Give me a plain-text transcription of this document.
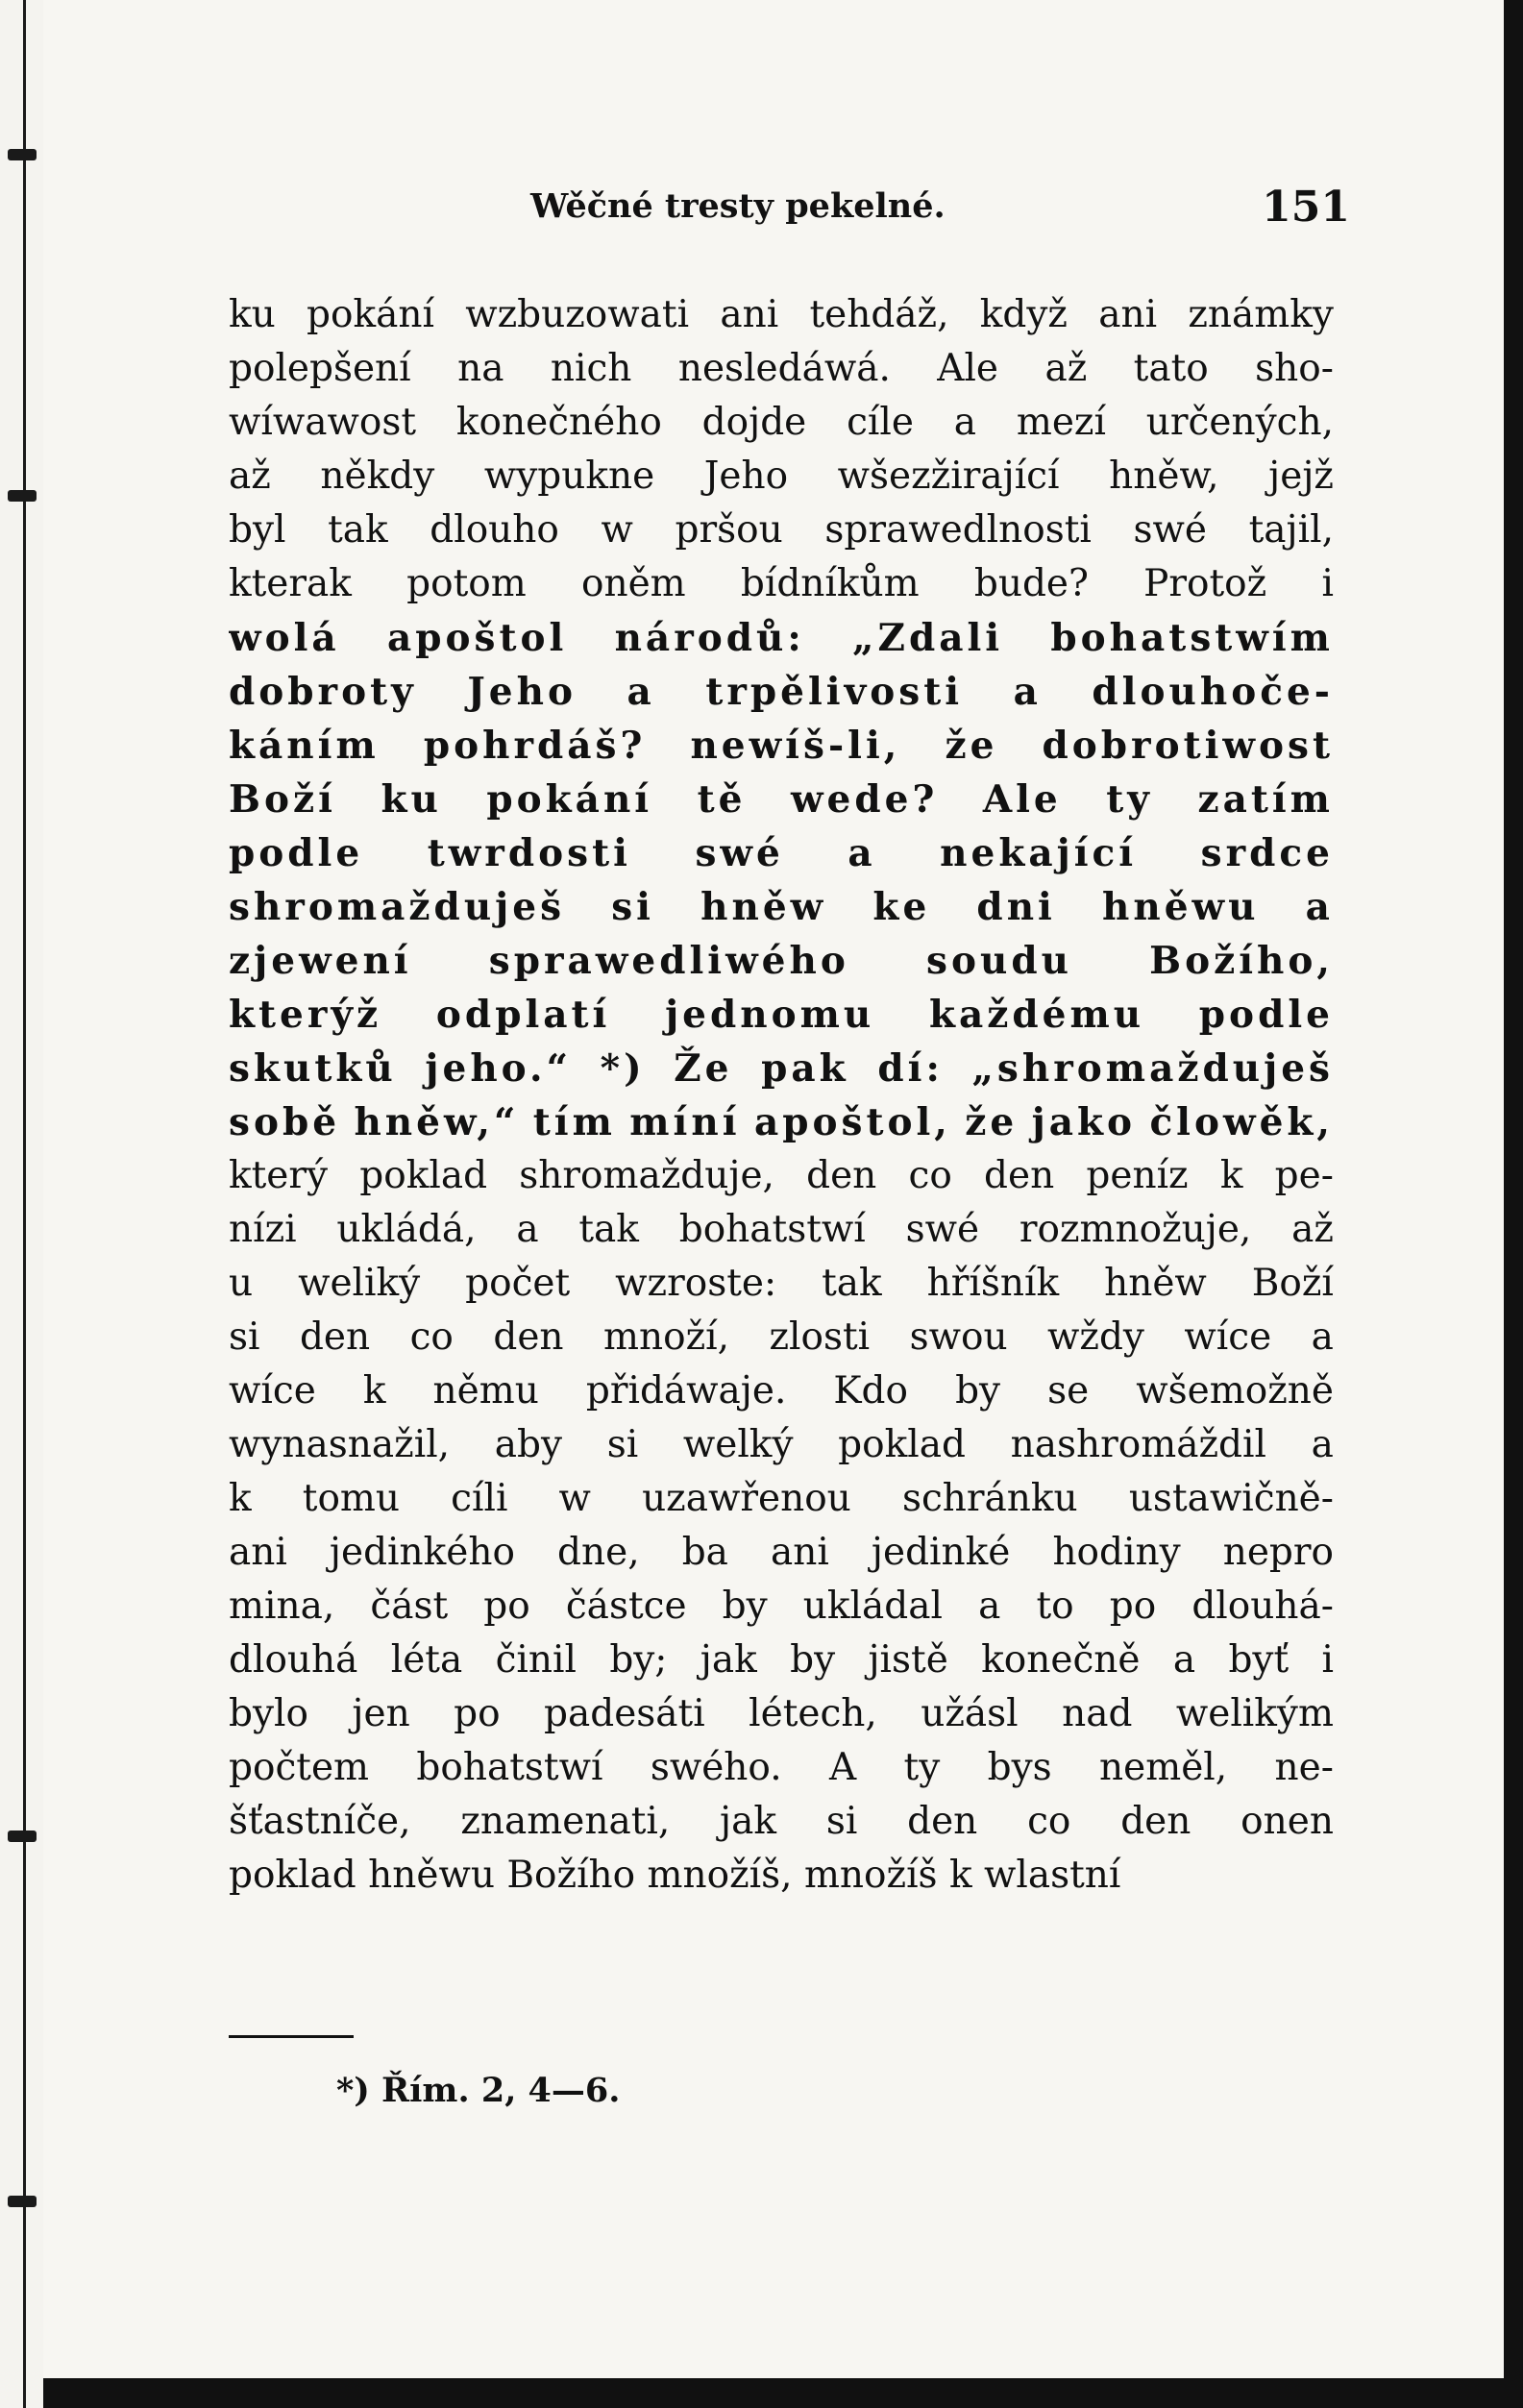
Wěčné tresty pekelné.	151
ku pokání wzbuzowati ani tehdáž, když ani známky
polepšení na nich nesledáwá. Ale až tato sho-
wíwawost konečného dojde cíle a mezí určených,
až někdy wypukne Jeho wšezžirající hněw, jejž
byl tak dlouho w pršou sprawedlnosti swé tajil,
kterak potom oněm bídníkům bude? Protož i
wolá apoštol národů: „Zdali bohatstwím
dobroty Jeho a trpělivosti a dlouhoče-
káním pohrdáš? newíš-li, že dobrotiwost
Boží ku pokání tě wede? Ale ty zatím
podle twrdosti swé a nekající srdce
shromažduješ si hněw ke dni hněwu a
zjewení sprawedliwého soudu Božího,
kterýž odplatí jednomu každému podle
skutků jeho.“ *) Že pak dí: „shromažduješ
sobě hněw,“ tím míní apoštol, že jako člowěk,
který poklad shromažduje, den co den peníz k pe-
nízi ukládá, a tak bohatstwí swé rozmnožuje, až
u weliký počet wzroste: tak hříšník hněw Boží
si den co den množí, zlosti swou wždy wíce a
wíce k němu přidáwaje. Kdo by se wšemožně
wynasnažil, aby si welký poklad nashromáždil a
k tomu cíli w uzawřenou schránku ustawičně-
ani jedinkého dne, ba ani jedinké hodiny nepro
mina, část po částce by ukládal a to po dlouhá-
dlouhá léta činil by; jak by jistě konečně a byť i
bylo jen po padesáti létech, užásl nad welikým
počtem bohatstwí swého. A ty bys neměl, ne-
šťastníče, znamenati, jak si den co den onen
poklad hněwu Božího množíš, množíš k wlastní
*) Řím. 2, 4—6.
